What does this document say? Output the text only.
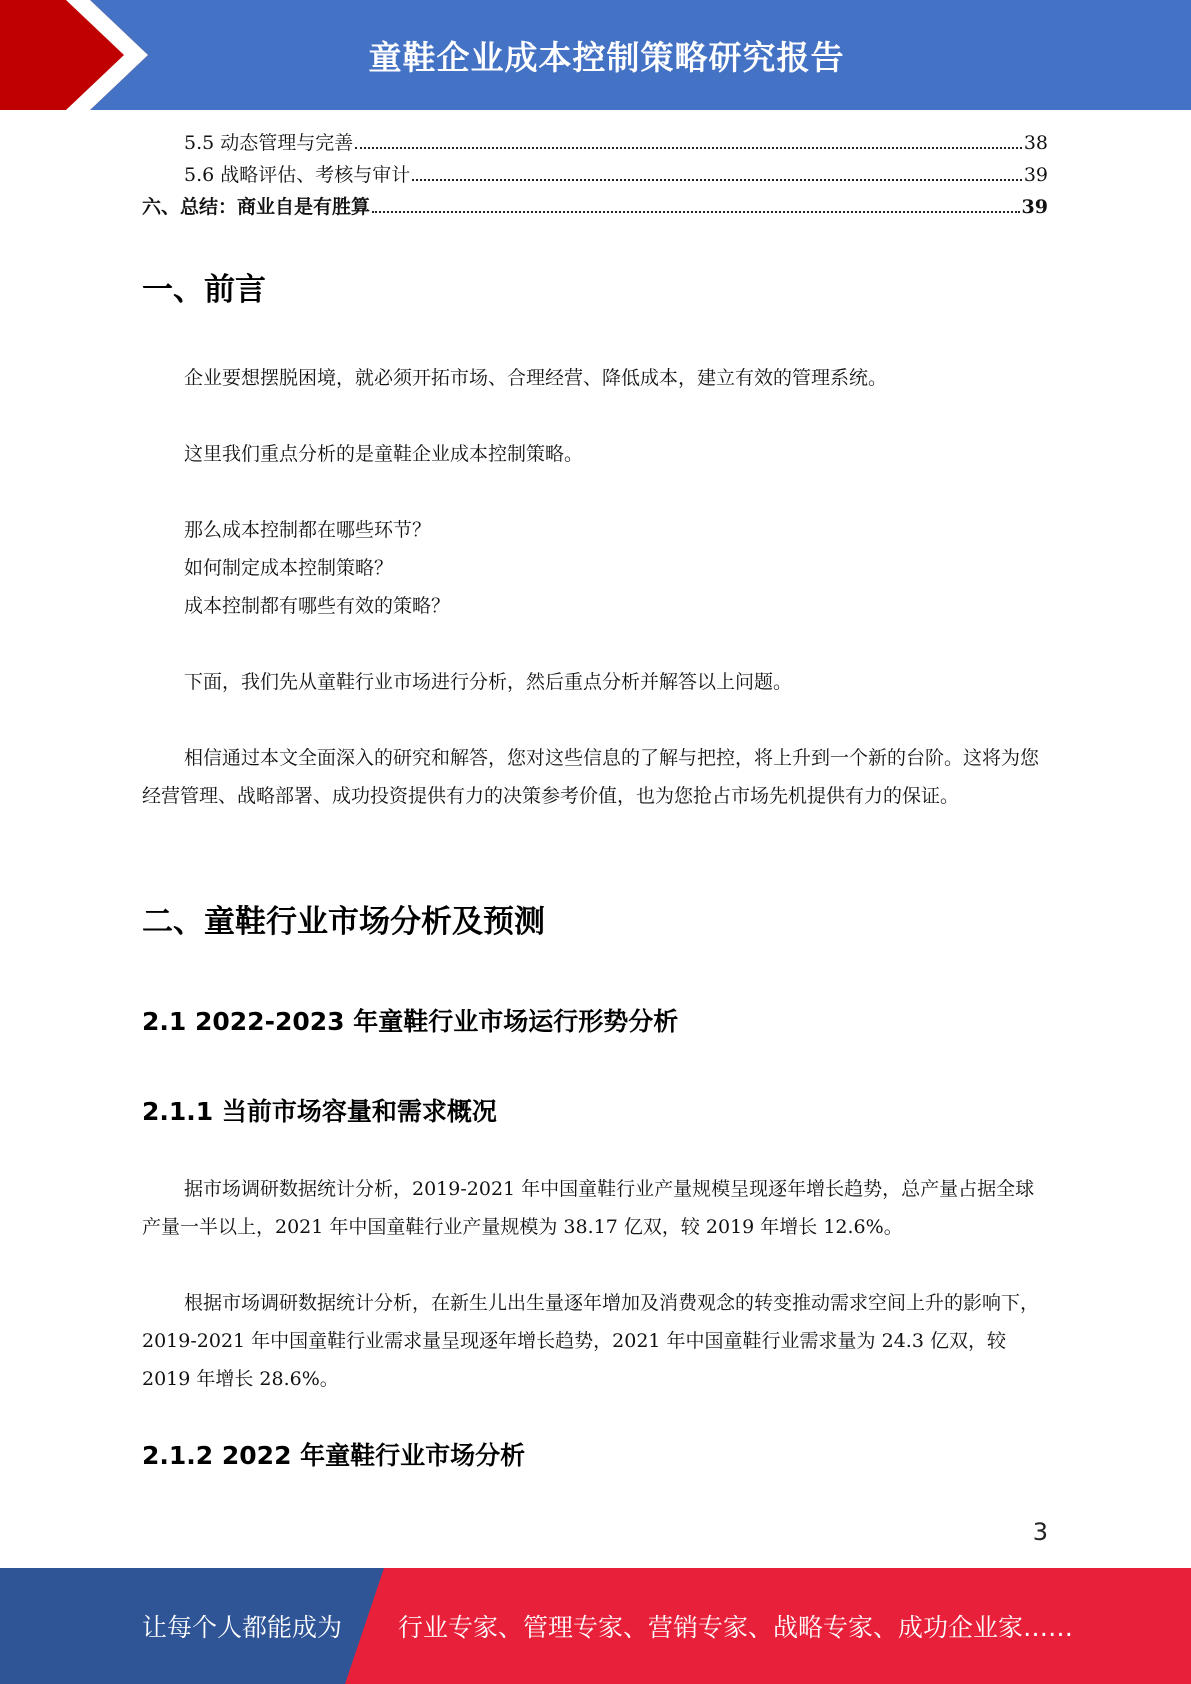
童鞋企业成本控制策略研究报告
5.5 动态管理与完善	38
5.6 战略评估、考核与审计	39
六、总结：商业自是有胜算	39
一、前言
企业要想摆脱困境，就必须开拓市场、合理经营、降低成本，建立有效的管理系统。
这里我们重点分析的是童鞋企业成本控制策略。
那么成本控制都在哪些环节？
如何制定成本控制策略？
成本控制都有哪些有效的策略？
下面，我们先从童鞋行业市场进行分析，然后重点分析并解答以上问题。
相信通过本文全面深入的研究和解答，您对这些信息的了解与把控，将上升到一个新的台阶。这将为您经营管理、战略部署、成功投资提供有力的决策参考价值，也为您抢占市场先机提供有力的保证。
二、童鞋行业市场分析及预测
2.1 2022-2023 年童鞋行业市场运行形势分析
2.1.1 当前市场容量和需求概况
据市场调研数据统计分析，2019-2021 年中国童鞋行业产量规模呈现逐年增长趋势，总产量占据全球产量一半以上，2021 年中国童鞋行业产量规模为 38.17 亿双，较 2019 年增长 12.6%。
根据市场调研数据统计分析，在新生儿出生量逐年增加及消费观念的转变推动需求空间上升的影响下，2019-2021 年中国童鞋行业需求量呈现逐年增长趋势，2021 年中国童鞋行业需求量为 24.3 亿双，较 2019 年增长 28.6%。
2.1.2 2022 年童鞋行业市场分析
3
让每个人都能成为 行业专家、管理专家、营销专家、战略专家、成功企业家……
